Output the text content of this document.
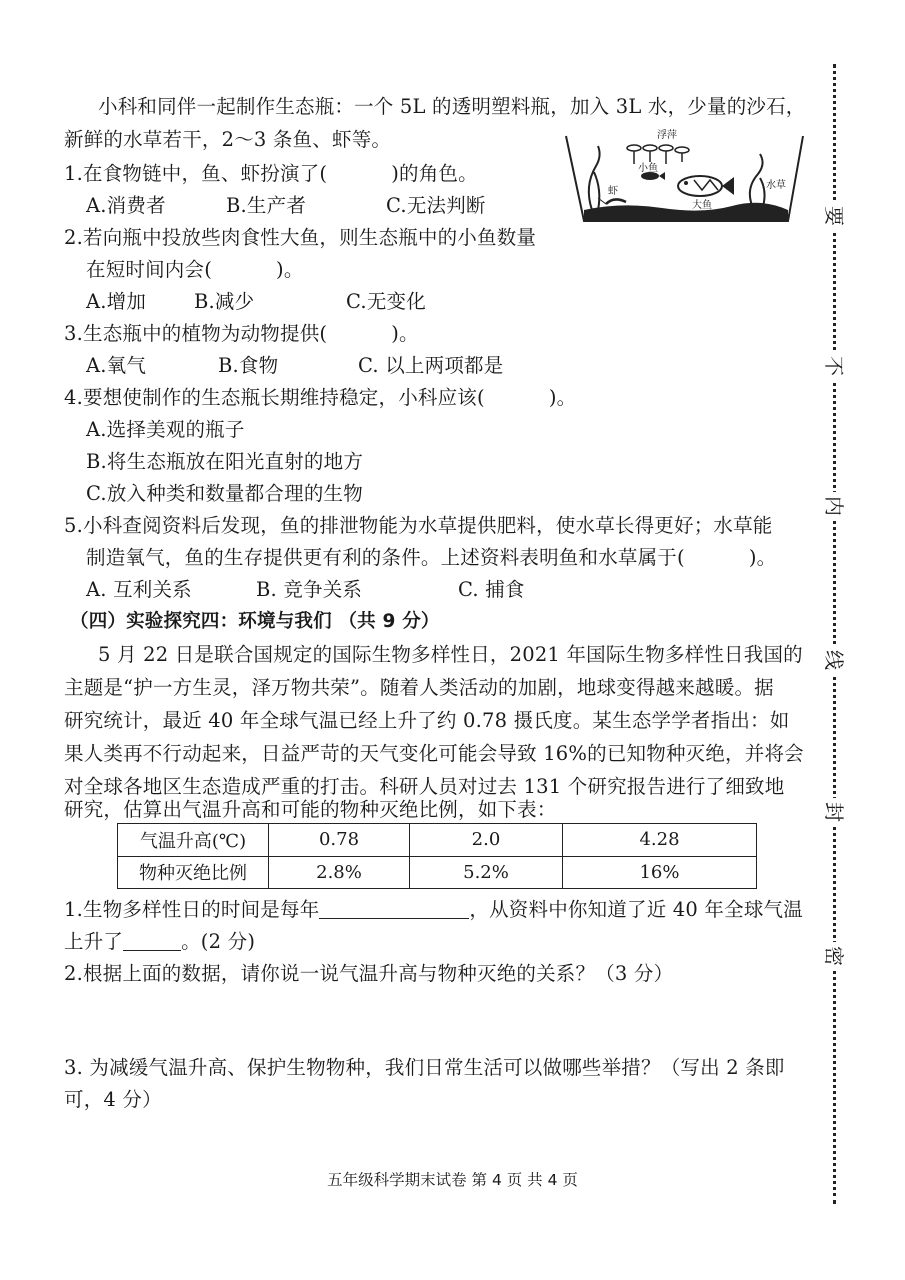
小科和同伴一起制作生态瓶：一个 5L 的透明塑料瓶，加入 3L 水，少量的沙石，
新鲜的水草若干，2～3 条鱼、虾等。	浮萍
小鱼
虾
大鱼
水草
1.在食物链中，鱼、虾扮演了(	)的角色。
A.消费者	B.生产者	C.无法判断
2.若向瓶中投放些肉食性大鱼，则生态瓶中的小鱼数量
在短时间内会(	)。
A.增加 B.减少	C.无变化
3.生态瓶中的植物为动物提供(	)。
A.氧气	B.食物	C. 以上两项都是
4.要想使制作的生态瓶长期维持稳定，小科应该(	)。
A.选择美观的瓶子
B.将生态瓶放在阳光直射的地方
C.放入种类和数量都合理的生物
5.小科查阅资料后发现，鱼的排泄物能为水草提供肥料，使水草长得更好；水草能
制造氧气，鱼的生存提供更有利的条件。上述资料表明鱼和水草属于(	)。
A. 互利关系	B. 竞争关系	C. 捕食
（四）实验探究四：环境与我们 （共 9 分）
5 月 22 日是联合国规定的国际生物多样性日，2021 年国际生物多样性日我国的
主题是“护一方生灵，泽万物共荣”。随着人类活动的加剧，地球变得越来越暖。据
研究统计，最近 40 年全球气温已经上升了约 0.78 摄氏度。某生态学学者指出：如
果人类再不行动起来，日益严苛的天气变化可能会导致 16%的已知物种灭绝，并将会
对全球各地区生态造成严重的打击。科研人员对过去 131 个研究报告进行了细致地
研究，估算出气温升高和可能的物种灭绝比例，如下表：
气温升高(℃)	0.78	2.0	4.28
物种灭绝比例	2.8%	5.2%	16%
1.生物多样性日的时间是每年	，从资料中你知道了近 40 年全球气温
上升了	。(2 分)
2.根据上面的数据，请你说一说气温升高与物种灭绝的关系？（3 分）
3. 为减缓气温升高、保护生物物种，我们日常生活可以做哪些举措？（写出 2 条即
可，4 分）
五年级科学期末试卷 第 4 页 共 4 页
要
不
内
线
封
密
